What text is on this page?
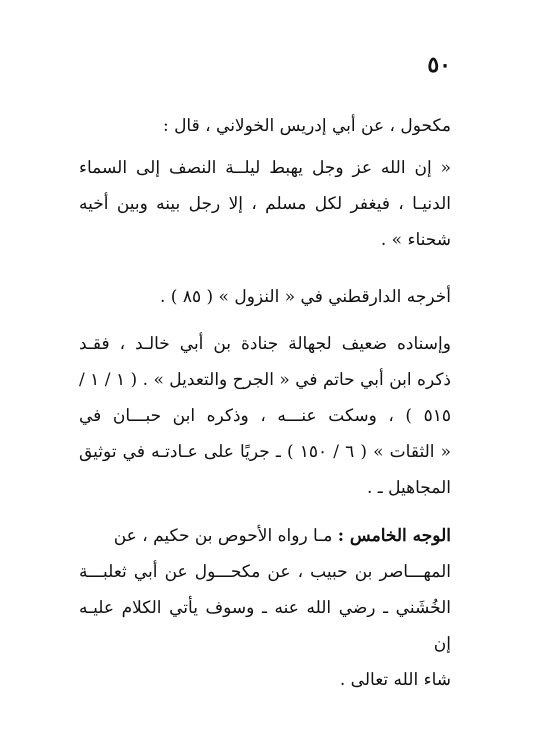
٥٠
مكحول ، عن أبي إدريس الخولاني ، قال :
« إن الله عز وجل يهبط ليلــة النصف إلى السماء
الدنيـا ، فيغفر لكل مسلم ، إلا رجل بينه وبين أخيه
شحناء » .
أخرجه الدارقطني في « النزول » ( ٨٥ ) .
وإسناده ضعيف لجهالة جنادة بن أبي خالـد ، فقـد
ذكره ابن أبي حاتم في « الجرح والتعديل » . ( ١ / ١ /
٥١٥ ) ، وسكت عنـــه ، وذكره ابن حبـــان في
« الثقات » ( ٦ / ١٥٠ ) ـ جريًا على عـادتـه في توثيق
المجاهيل ـ .
الوجه الخامس : مـا رواه الأحوص بن حكيم ، عن
المهـــاصر بن حبيب ، عن مكحـــول عن أبي ثعلبـــة
الخُشَني ـ رضي الله عنه ـ وسوف يأتي الكلام عليـه إن
شاء الله تعالى .
